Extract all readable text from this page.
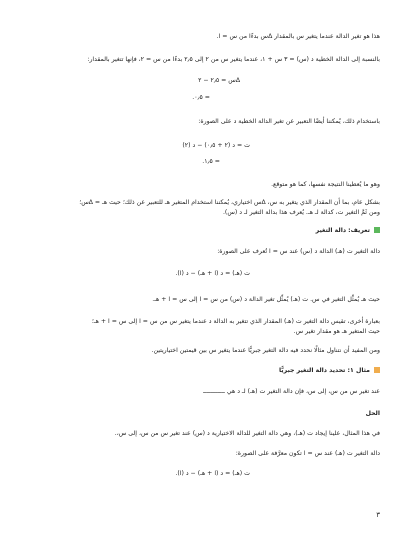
هذا هو تغير الدالة عندما يتغير س بالمقدار ∆س بدءًا من س = ا.
بالنسبة إلى الدالة الخطية د (س) = ٣ س + ١، عندما يتغير س من ٢ إلى ٢٫٥ بدءًا من س = ٢، فإنها تتغير بالمقدار:
∆س = ٢٫٥ − ٢
= ٠٫٥.
باستخدام ذلك، يُمكننا أيضًا التعبير عن تغير الدالة الخطية د على الصورة:
ت = د (٢ + ٠٫٥) − د (٢)
= ١٫٥.
وهو ما يُعطينا النتيجة نفسها، كما هو متوقع.
بشكل عام، بما أن المقدار الذي يتغير به س، ∆س اختياري، يُمكننا استخدام المتغير هـ للتعبير عن ذلك؛ حيث هـ = ∆س؛
ومن ثَمَّ التغير ت، كدالة لـ هـ. يُعرف هذا بدالة التغير لـ د (س).
تعريف: دالة التغير
دالة التغير ت (هـ) الدالة د (س) عند س = ا تُعرف على الصورة:
ت (هـ) = د (ا + هـ) − د (ا).
حيث هـ يُمثِّل التغير في س. ت (هـ) يُمثِّل تغير الدالة د (س) من س = ا إلى س = ا + هـ.
بعبارة أخرى، تقيس دالة التغير ت (هـ) المقدار الذي تتغير به الدالة د عندما يتغير س من س = ا إلى س = ا + هـ؛
حيث المتغير هـ هو مقدار تغير س.
ومن المفيد أن نتناول مثالًا نحدد فيه دالة التغير جبريًّا عندما يتغير س بين قيمتين اختياريتين.
مثال ١: تحديد دالة التغير جبريًّا
عند تغير س من س، إلى س، فإن دالة التغير ت (هـ) لـ د هي ــــــــــــ
الحل
في هذا المثال، علينا إيجاد ت (هـ)، وهي دالة التغير للدالة الاختيارية د (س) عند تغير س من س، إلى س،.
دالة التغير ت (هـ) عند س = ا تكون معرَّفة على الصورة:
ت (هـ) = د (ا + هـ) − د (ا).
٣
